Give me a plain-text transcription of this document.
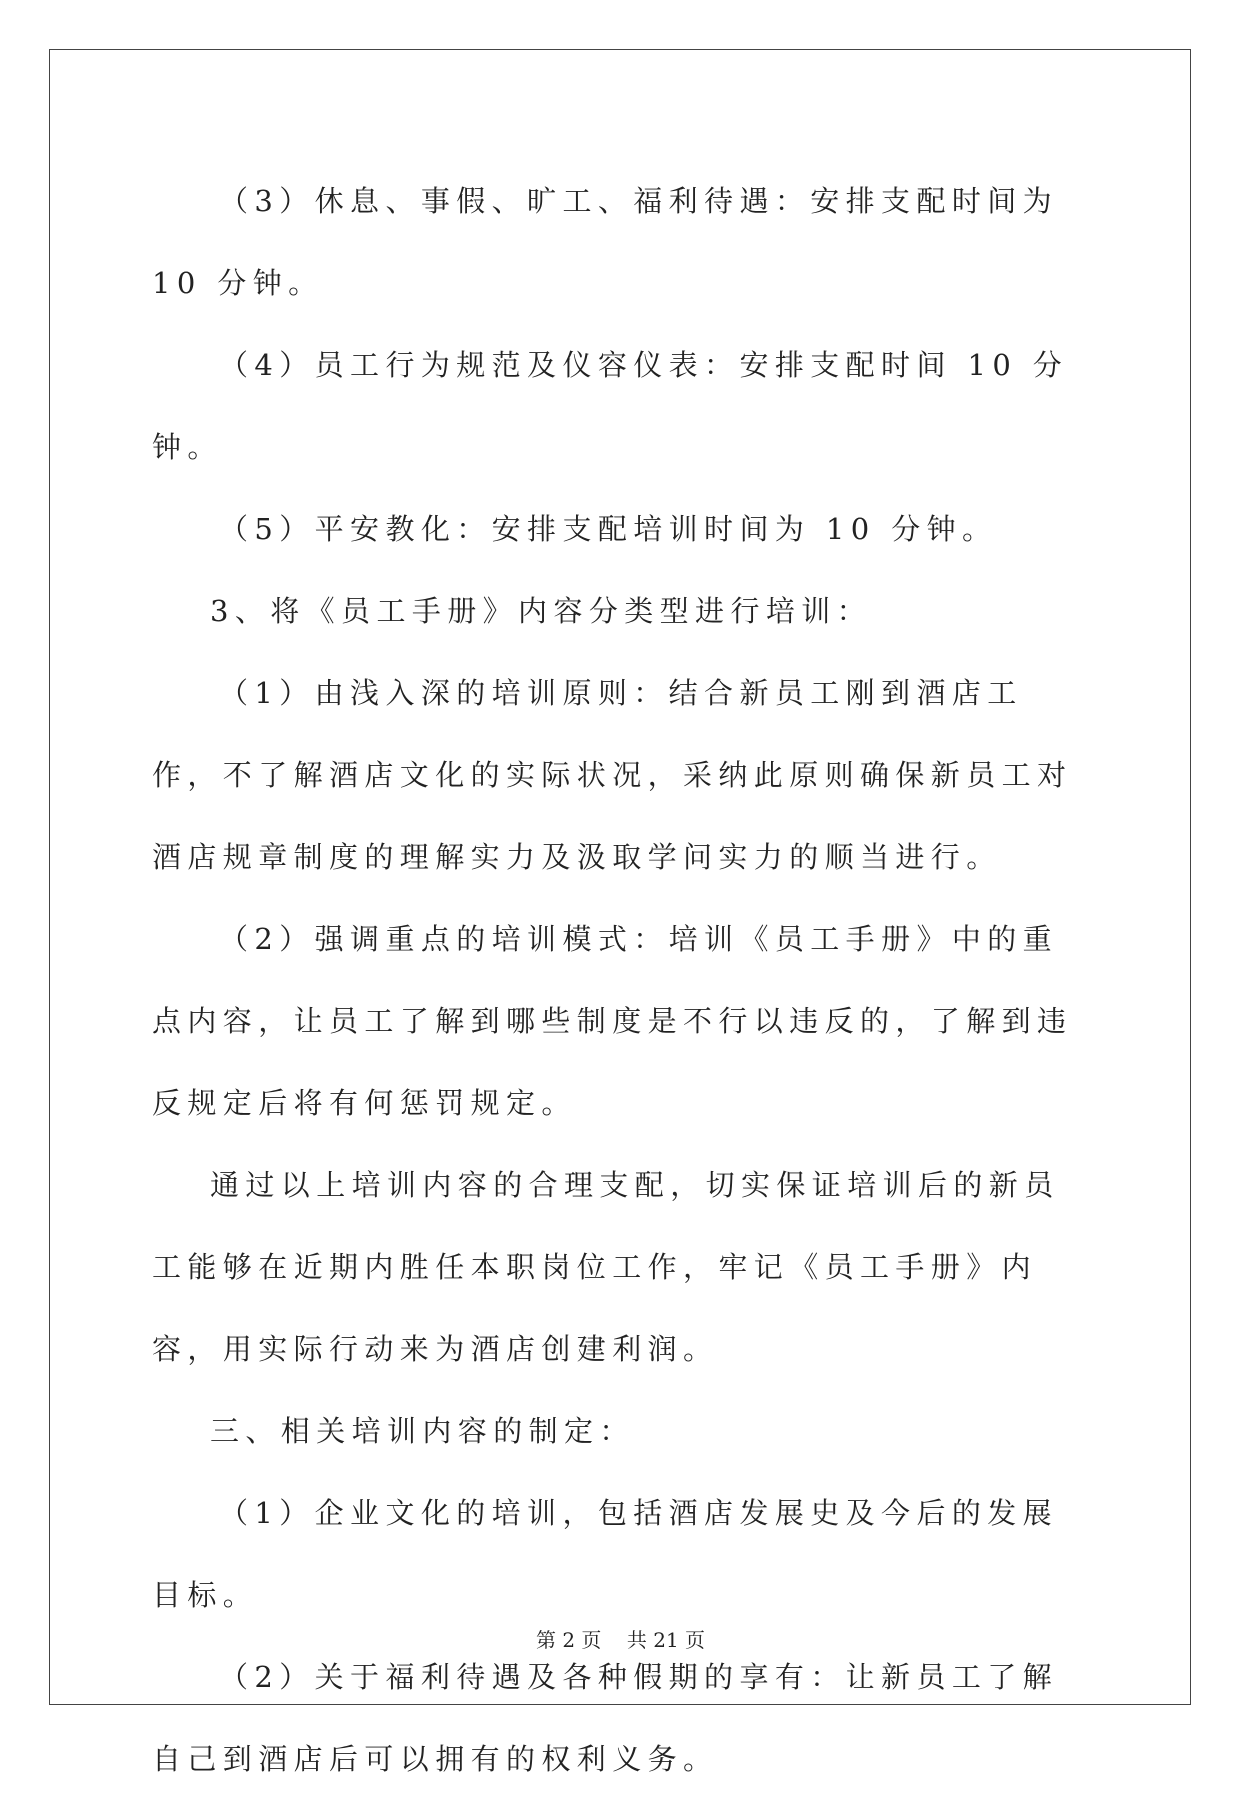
（3）休息、事假、旷工、福利待遇：安排支配时间为 10 分钟。

（4）员工行为规范及仪容仪表：安排支配时间 10 分钟。

（5）平安教化：安排支配培训时间为 10 分钟。

3、将《员工手册》内容分类型进行培训：

（1）由浅入深的培训原则：结合新员工刚到酒店工作，不了解酒店文化的实际状况，采纳此原则确保新员工对酒店规章制度的理解实力及汲取学问实力的顺当进行。

（2）强调重点的培训模式：培训《员工手册》中的重点内容，让员工了解到哪些制度是不行以违反的，了解到违反规定后将有何惩罚规定。

通过以上培训内容的合理支配，切实保证培训后的新员工能够在近期内胜任本职岗位工作，牢记《员工手册》内容，用实际行动来为酒店创建利润。

三、相关培训内容的制定：

（1）企业文化的培训，包括酒店发展史及今后的发展目标。

（2）关于福利待遇及各种假期的享有：让新员工了解自己到酒店后可以拥有的权利义务。

第 2 页 共 21 页
